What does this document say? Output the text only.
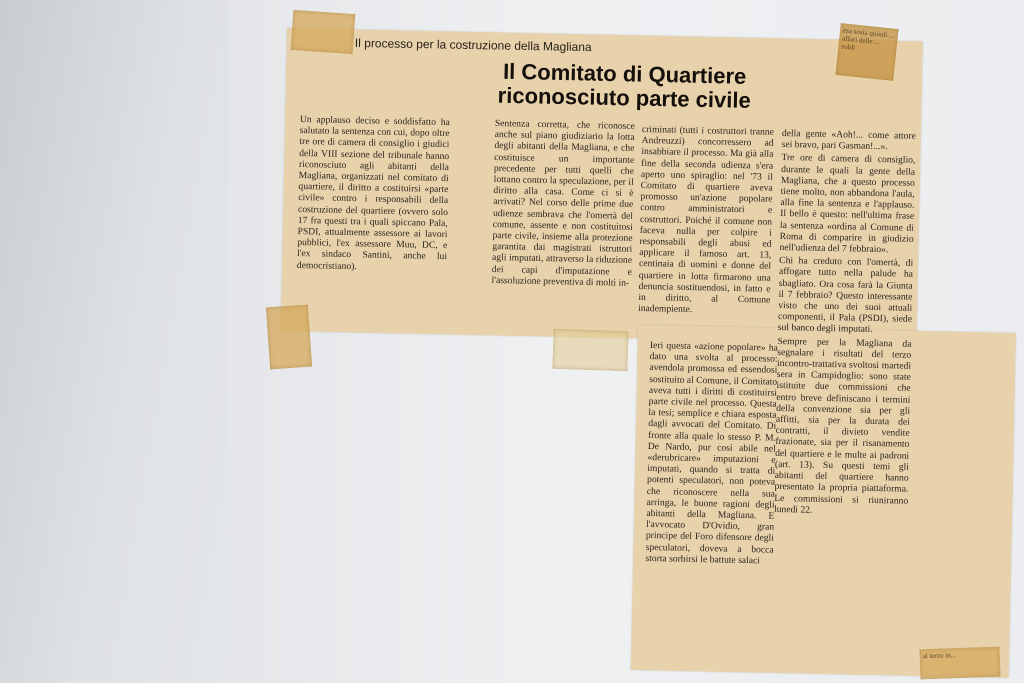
Il processo per la costruzione della Magliana
Il Comitato di Quartiere
riconosciuto parte civile

Un applauso deciso e soddisfatto ha salutato la sentenza con cui, dopo oltre tre ore di camera di consiglio i giudici della VIII sezione del tribunale hanno riconosciuto agli abitanti della Magliana, organizzati nel comitato di quartiere, il diritto a costituirsi «parte civile» contro i responsabili della costruzione del quartiere (ovvero solo 17 fra questi tra i quali spiccano Pala, PSDI, attualmente assessore ai lavori pubblici, l'ex assessore Muu, DC, e l'ex sindaco Santini, anche lui democristiano).

Sentenza corretta, che riconosce anche sul piano giudiziario la lotta degli abitanti della Magliana, e che costituisce un importante precedente per tutti quelli che lottano contro la speculazione, per il diritto alla casa. Come ci si è arrivati? Nel corso delle prime due udienze sembrava che l'omertà del comune, assente e non costituitosi parte civile, insieme alla protezione garantita dai magistrati istruttori agli imputati, attraverso la riduzione dei capi d'imputazione e l'assoluzione preventiva di molti in-

criminati (tutti i costruttori tranne Andreuzzi) concorressero ad insabbiare il processo. Ma già alla fine della seconda udienza s'era aperto uno spiraglio: nel '73 il Comitato di quartiere aveva promosso un'azione popolare contro amministratori e costruttori. Poiché il comune non faceva nulla per colpire i responsabili degli abusi ed applicare il famoso art. 13, centinaia di uomini e donne del quartiere in lotta firmarono una denuncia sostituendosi, in fatto e in diritto, al Comune inadempiente.

della gente «Aoh!... come attore sei bravo, pari Gasman!...».

Tre ore di camera di consiglio, durante le quali la gente della Magliana, che a questo processo tiene molto, non abbandona l'aula, alla fine la sentenza e l'applauso. Il bello è questo: nell'ultima frase la sentenza «ordina al Comune di Roma di comparire in giudizio nell'udienza del 7 febbraio».

Chi ha creduto con l'omertà, di affogare tutto nella palude ha sbagliato. Ora cosa farà la Giunta il 7 febbraio? Questo interessante visto che uno dei suoi attuali componenti, il Pala (PSDI), siede sul banco degli imputati.

Sempre per la Magliana da segnalare i risultati del terzo incontro-trattativa svoltosi martedì sera in Campidoglio: sono state istituite due commissioni che entro breve definiscano i termini della convenzione sia per gli affitti, sia per la durata dei contratti, il divieto vendite frazionate, sia per il risanamento del quartiere e le multe ai padroni (art. 13). Su questi temi gli abitanti del quartiere hanno presentato la propria piattaforma. Le commissioni si riuniranno lunedì 22.

Ieri questa «azione popolare» ha dato una svolta al processo: avendola promossa ed essendosi sostituito al Comune, il Comitato aveva tutti i diritti di costituirsi parte civile nel processo. Questa la tesi; semplice e chiara esposta dagli avvocati del Comitato. Di fronte alla quale lo stesso P. M. De Nardo, pur così abile nel «derubricare» imputazioni e imputati, quando si tratta di potenti speculatori, non poteva che riconoscere nella sua arringa, le buone ragioni degli abitanti della Magliana. E l'avvocato D'Ovidio, gran principe del Foro difensore degli speculatori, doveva a bocca storta sorbirsi le battute salaci

esa sosia quindi ... affari delle ... soldi
al terzo in...
